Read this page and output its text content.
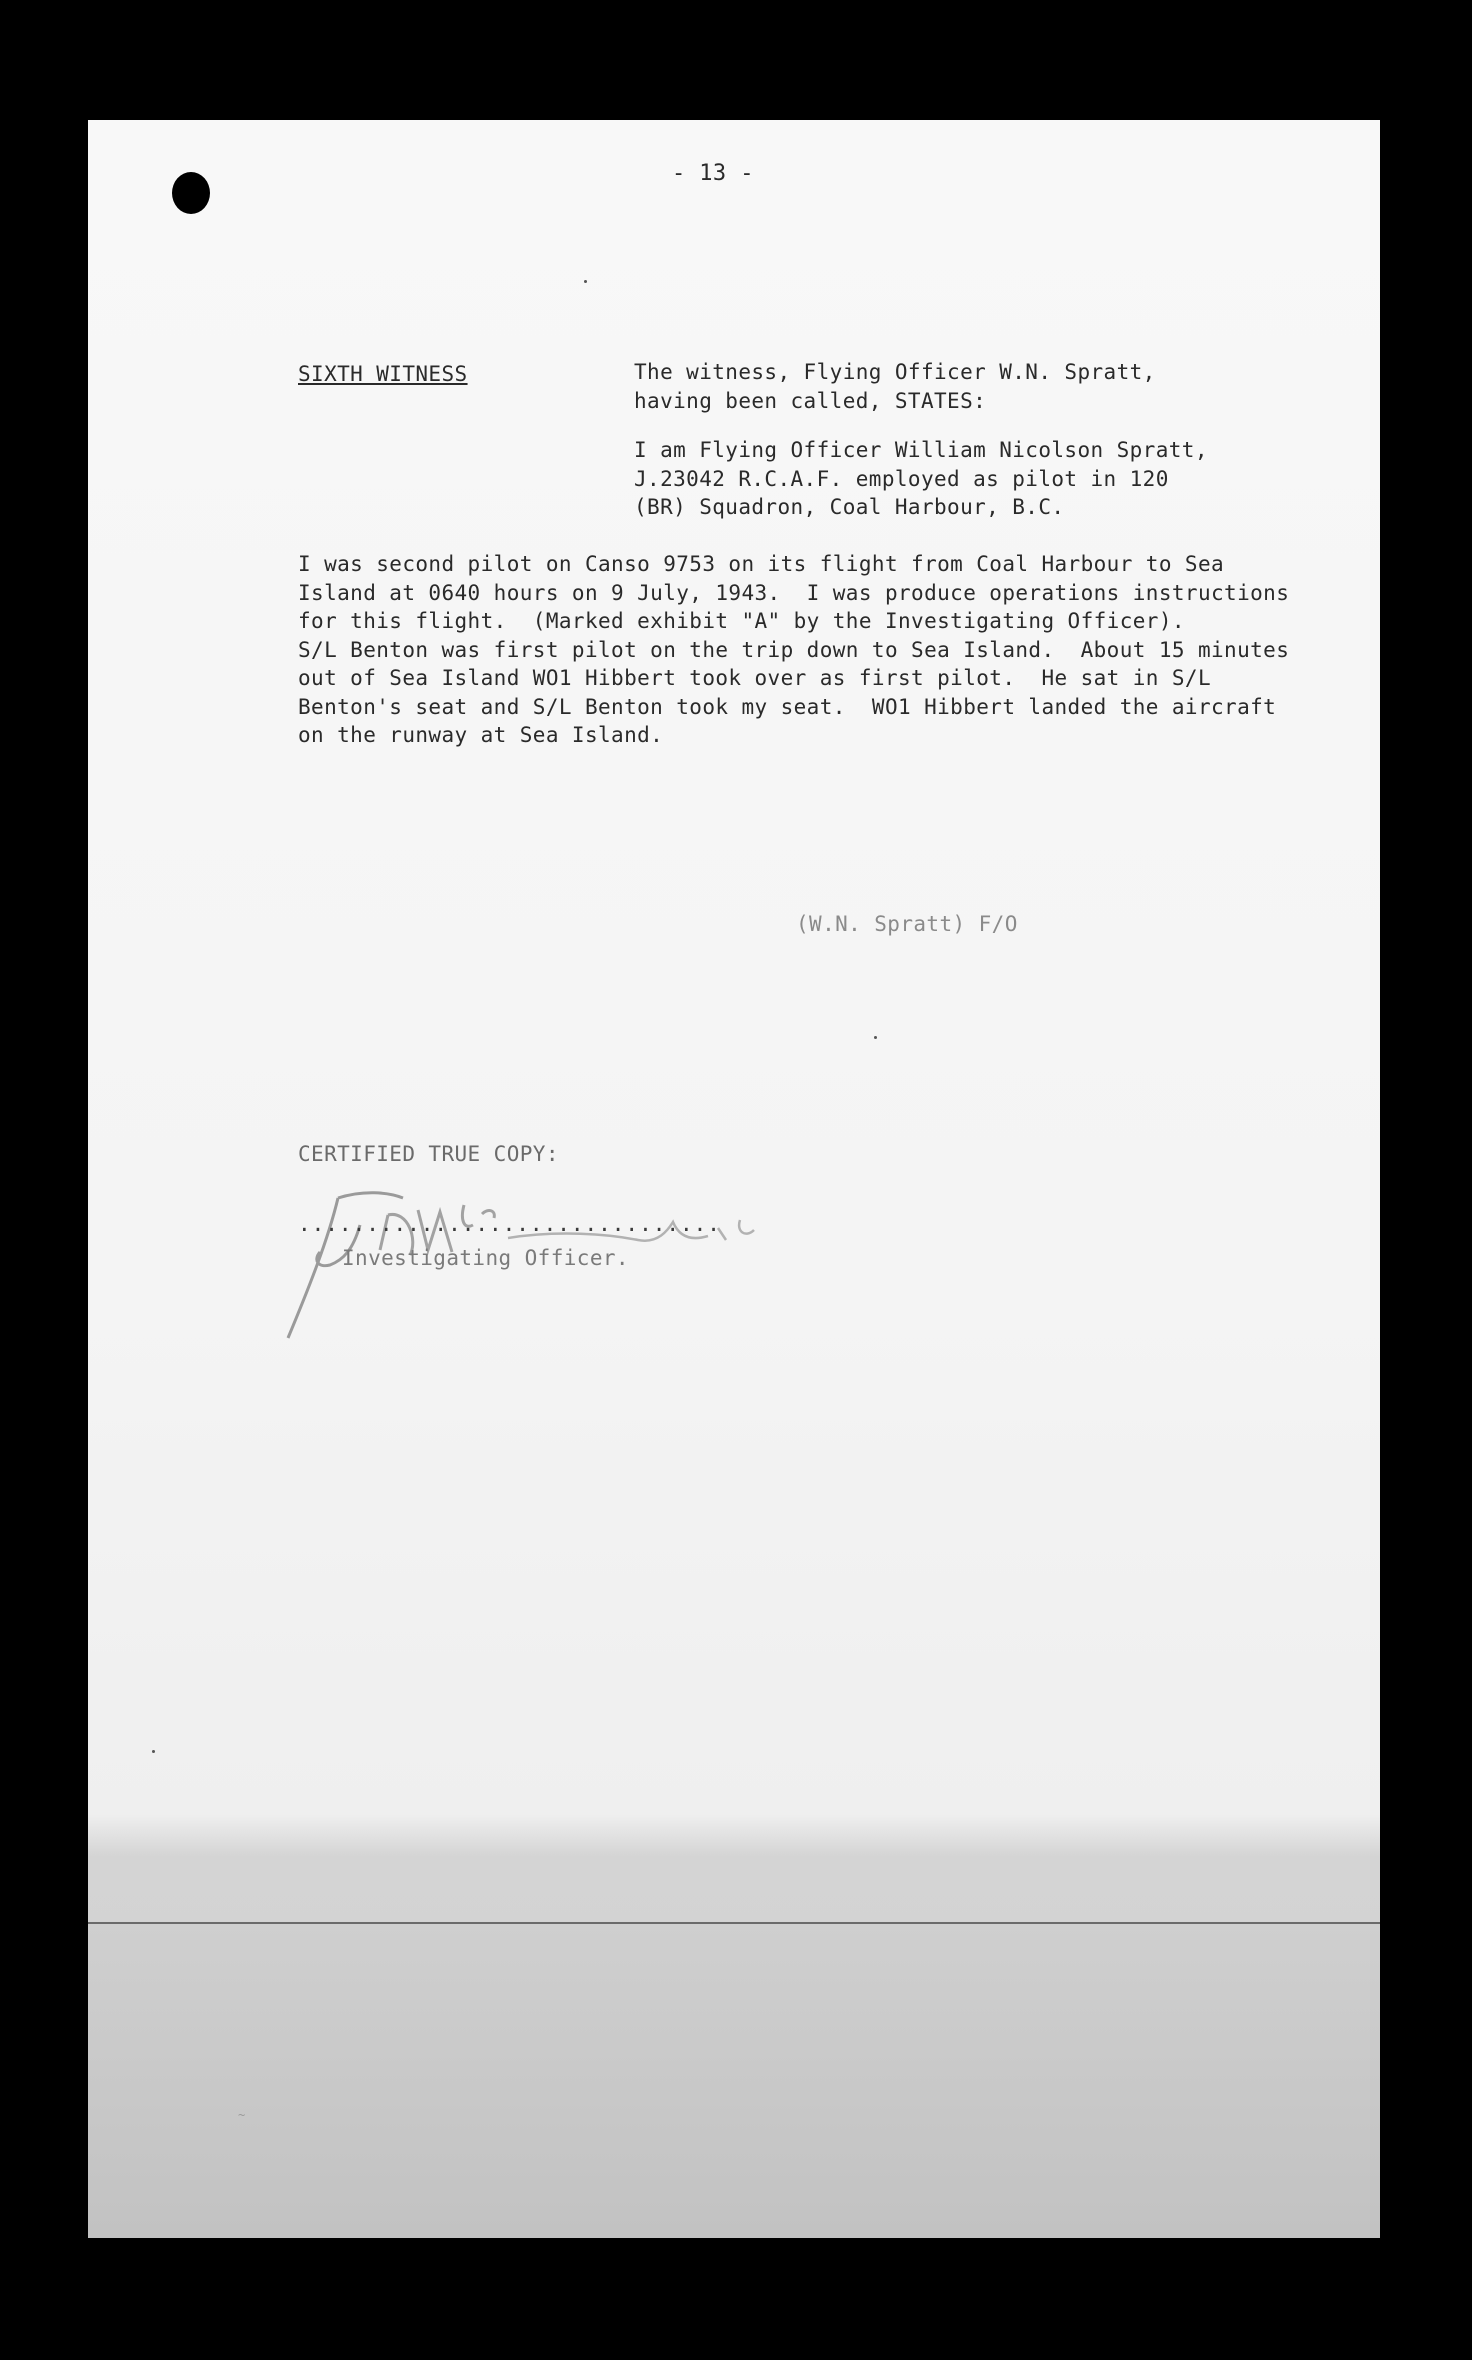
- 13 -
SIXTH WITNESS	The witness, Flying Officer W.N. Spratt,
having been called, STATES:
I am Flying Officer William Nicolson Spratt,
J.23042 R.C.A.F. employed as pilot in 120
(BR) Squadron, Coal Harbour, B.C.
I was second pilot on Canso 9753 on its flight from Coal Harbour to Sea
Island at 0640 hours on 9 July, 1943.  I was produce operations instructions
for this flight.  (Marked exhibit "A" by the Investigating Officer).
S/L Benton was first pilot on the trip down to Sea Island.  About 15 minutes
out of Sea Island WO1 Hibbert took over as first pilot.  He sat in S/L
Benton's seat and S/L Benton took my seat.  WO1 Hibbert landed the aircraft
on the runway at Sea Island.
(W.N. Spratt) F/O
CERTIFIED TRUE COPY:
...............................
Investigating Officer.
~
